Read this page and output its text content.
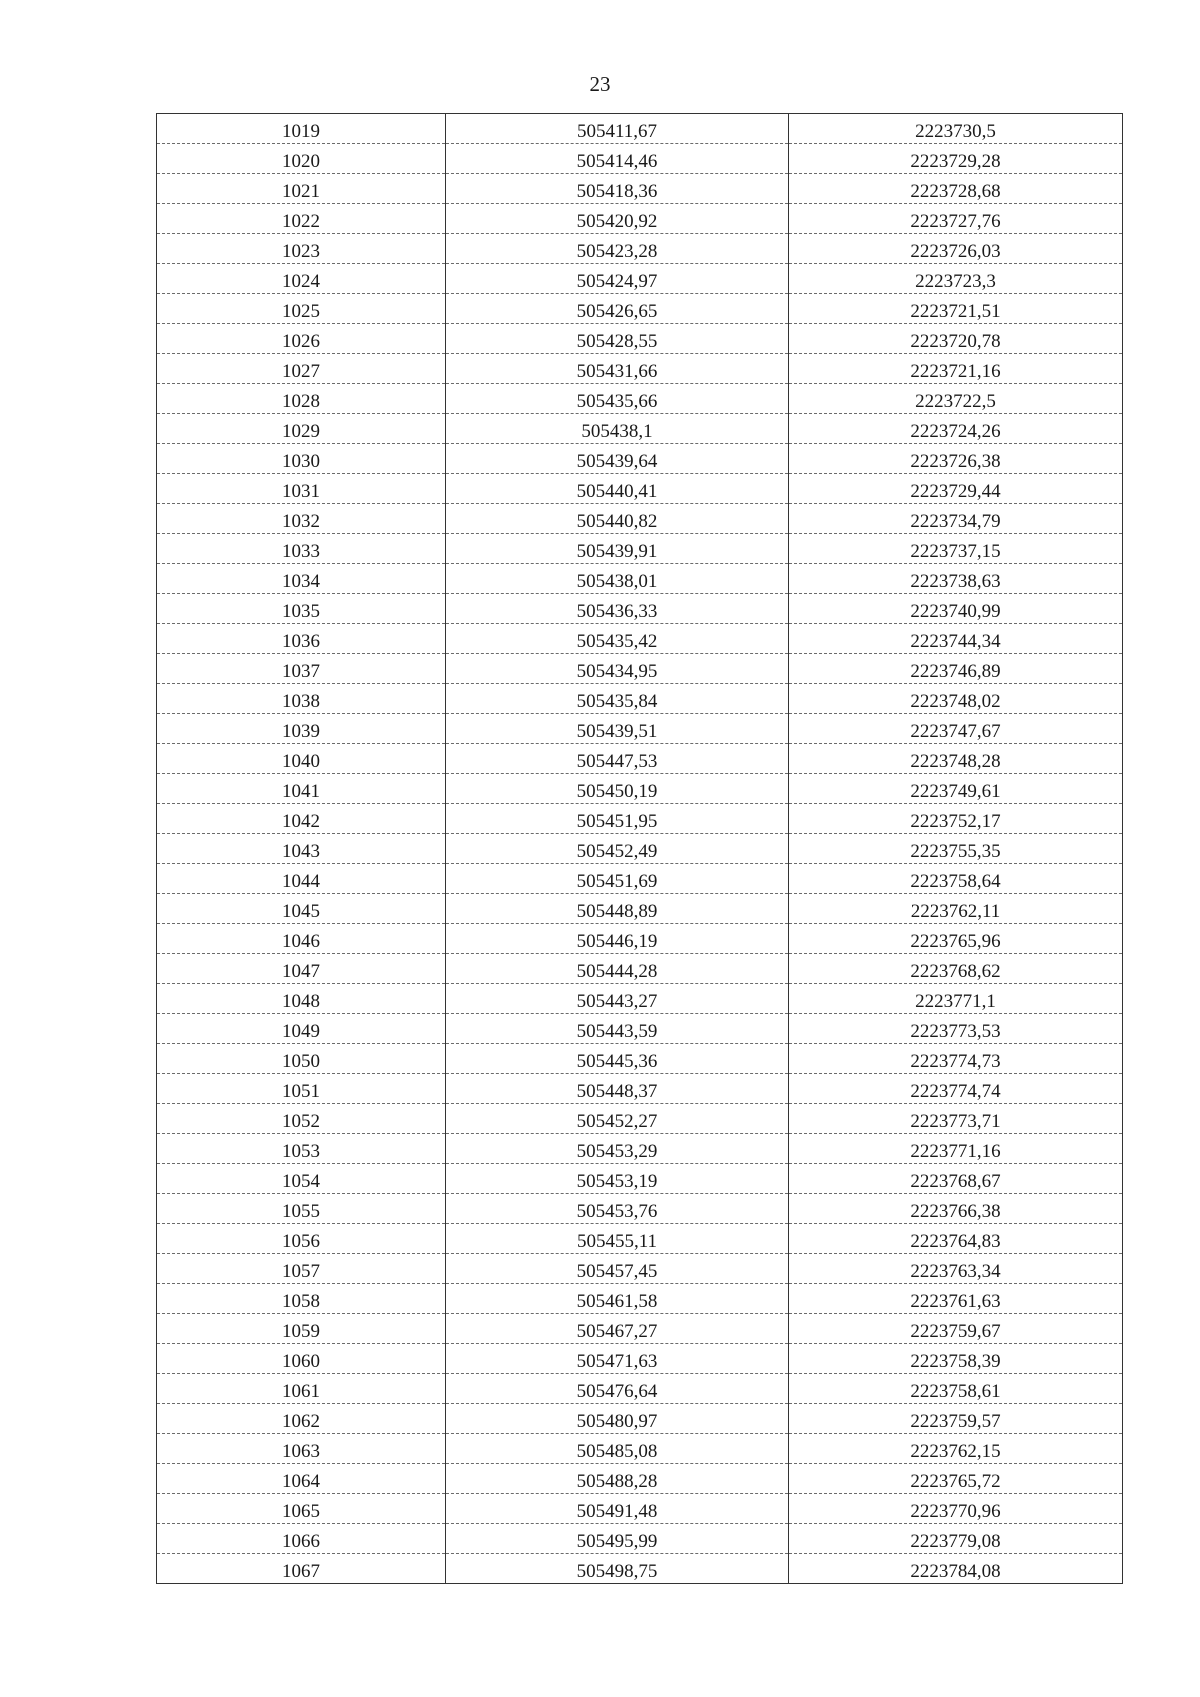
23
1019	505411,67	2223730,5
1020	505414,46	2223729,28
1021	505418,36	2223728,68
1022	505420,92	2223727,76
1023	505423,28	2223726,03
1024	505424,97	2223723,3
1025	505426,65	2223721,51
1026	505428,55	2223720,78
1027	505431,66	2223721,16
1028	505435,66	2223722,5
1029	505438,1	2223724,26
1030	505439,64	2223726,38
1031	505440,41	2223729,44
1032	505440,82	2223734,79
1033	505439,91	2223737,15
1034	505438,01	2223738,63
1035	505436,33	2223740,99
1036	505435,42	2223744,34
1037	505434,95	2223746,89
1038	505435,84	2223748,02
1039	505439,51	2223747,67
1040	505447,53	2223748,28
1041	505450,19	2223749,61
1042	505451,95	2223752,17
1043	505452,49	2223755,35
1044	505451,69	2223758,64
1045	505448,89	2223762,11
1046	505446,19	2223765,96
1047	505444,28	2223768,62
1048	505443,27	2223771,1
1049	505443,59	2223773,53
1050	505445,36	2223774,73
1051	505448,37	2223774,74
1052	505452,27	2223773,71
1053	505453,29	2223771,16
1054	505453,19	2223768,67
1055	505453,76	2223766,38
1056	505455,11	2223764,83
1057	505457,45	2223763,34
1058	505461,58	2223761,63
1059	505467,27	2223759,67
1060	505471,63	2223758,39
1061	505476,64	2223758,61
1062	505480,97	2223759,57
1063	505485,08	2223762,15
1064	505488,28	2223765,72
1065	505491,48	2223770,96
1066	505495,99	2223779,08
1067	505498,75	2223784,08
